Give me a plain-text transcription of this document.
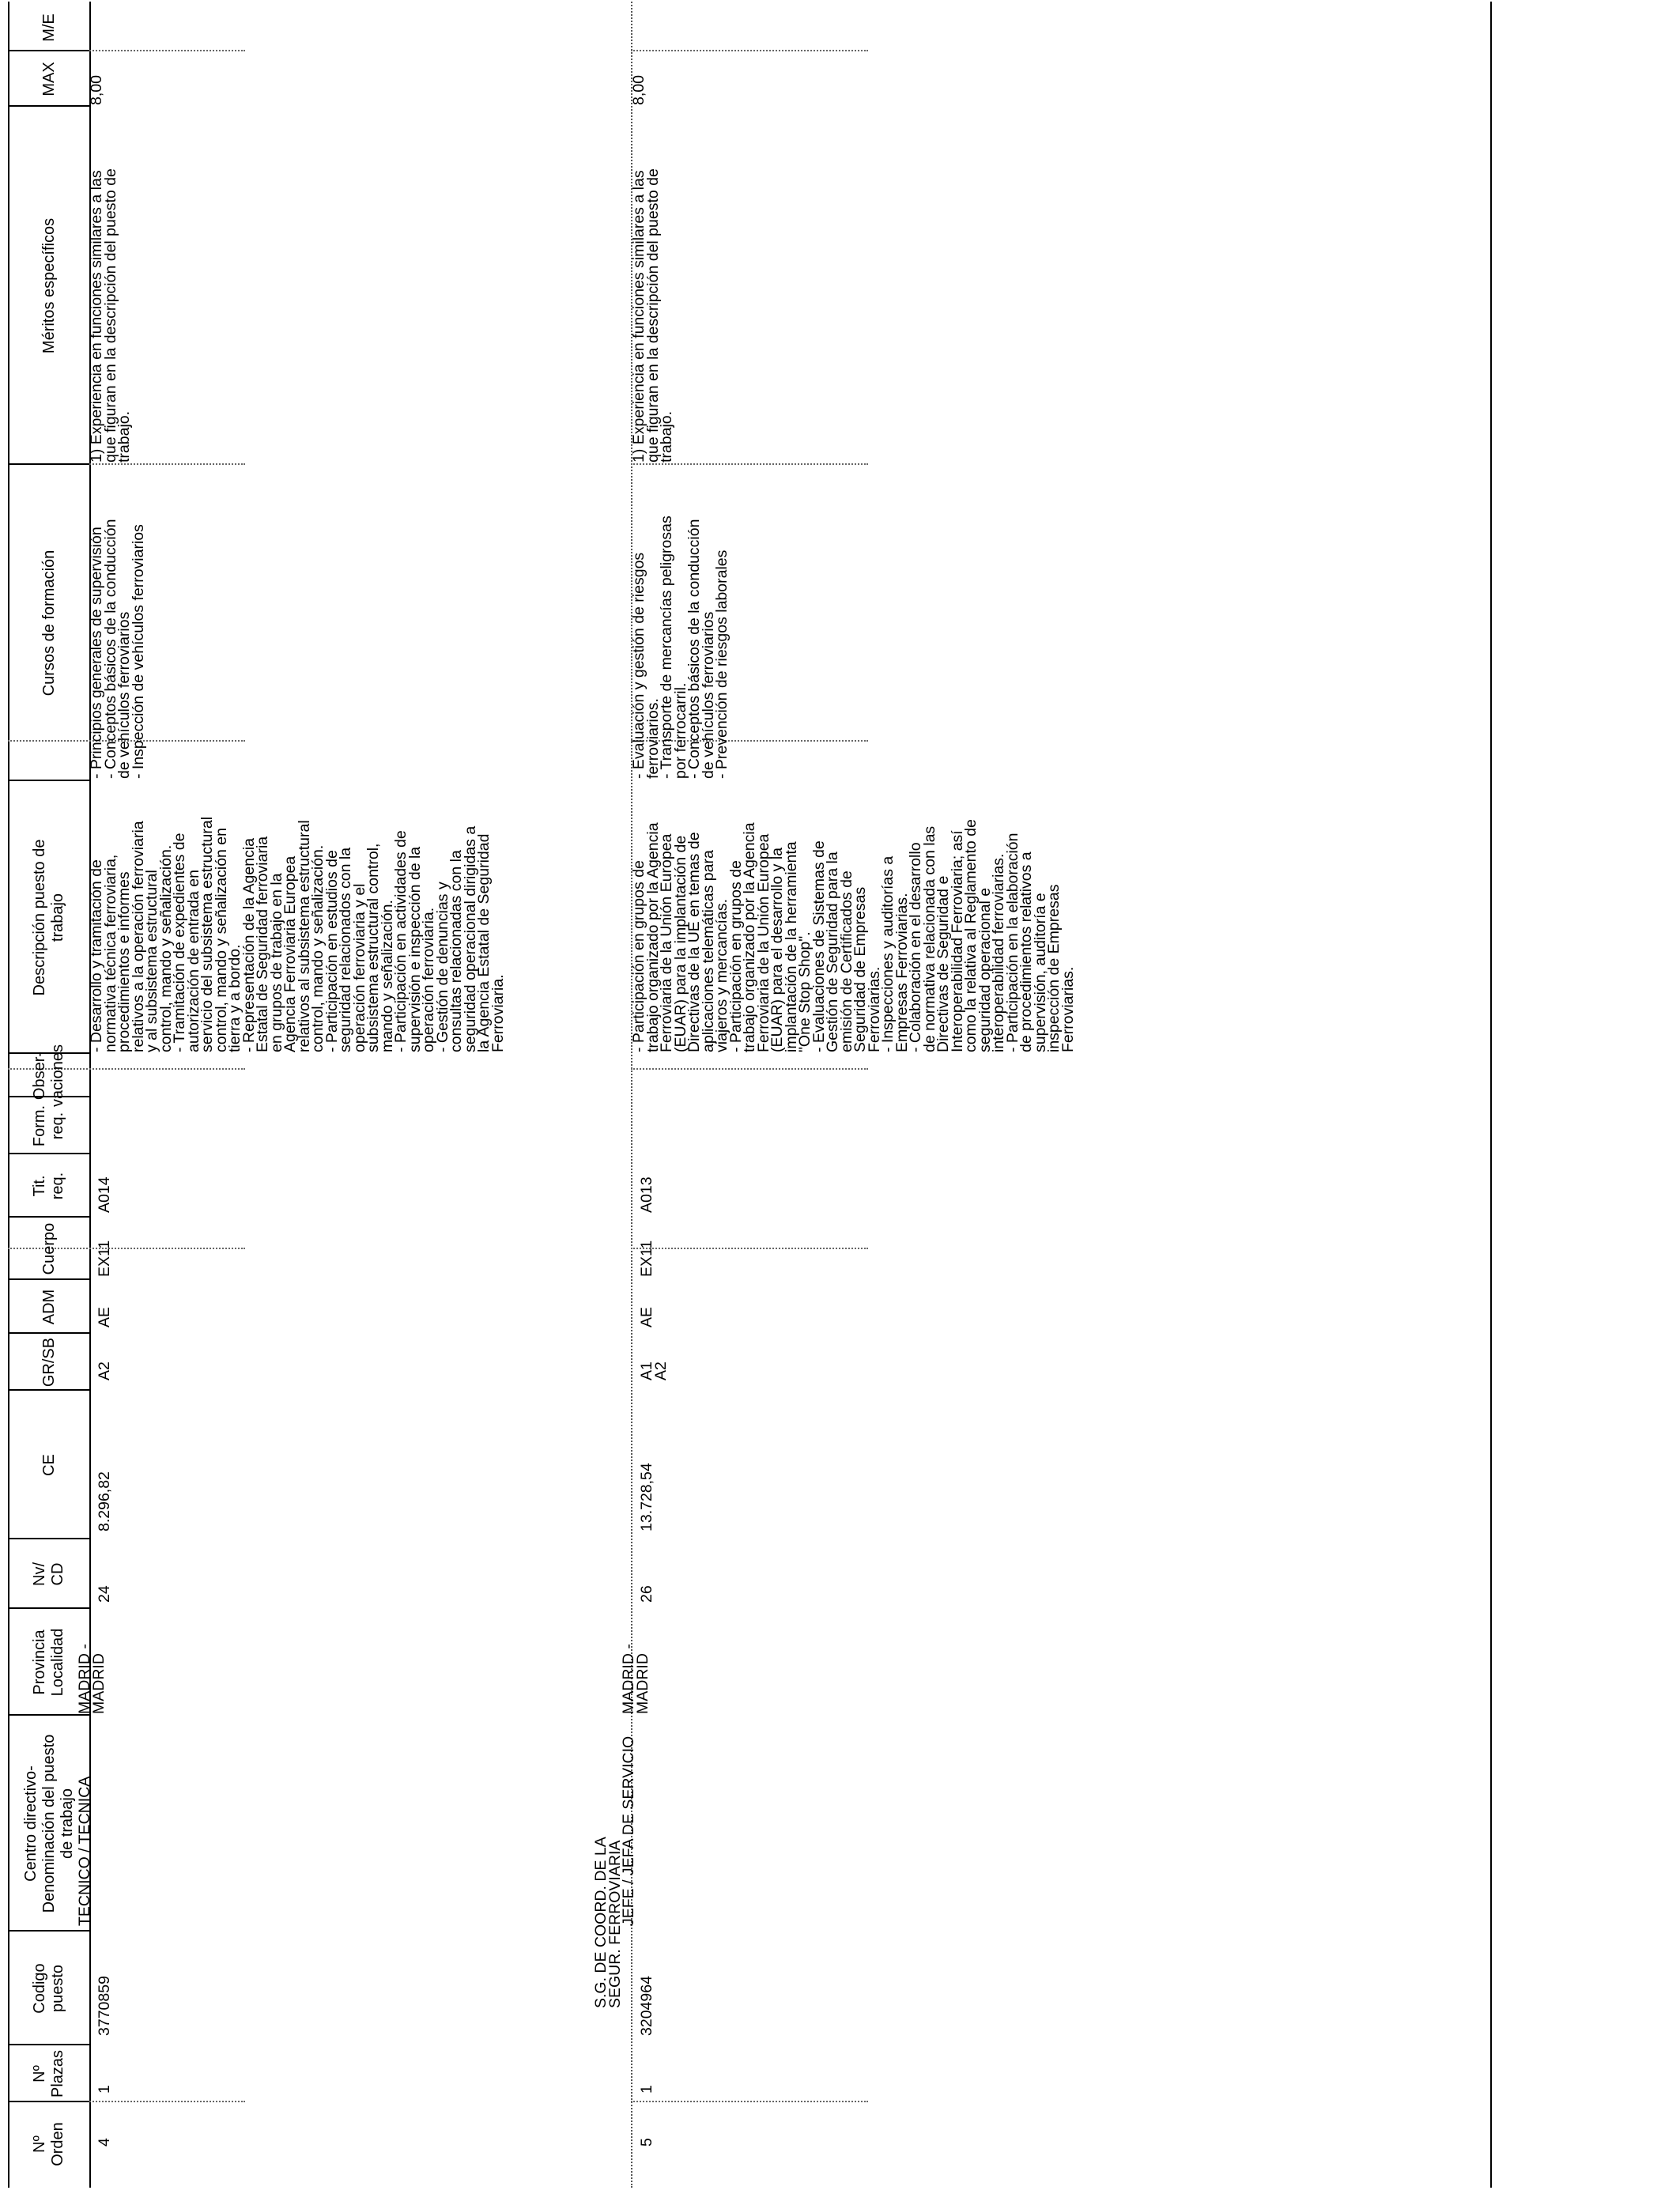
Nº
Orden
Nº
Plazas
Codigo
puesto
Centro directivo-
Denominación del puesto
de trabajo
Provincia
Localidad
Nv/
CD
CE
GR/SB
ADM
Cuerpo
Tit.
req.
Form.
req.
Obser-
vaciones
Descripción puesto de
trabajo
Cursos de formación
Méritos específicos
MAX
M/E
4
1
3770859
TECNICO / TECNICA
MADRID -
MADRID
24
8.296,82
A2
AE
EX11
A014
- Desarrollo y tramitación de
normativa técnica ferroviaria,
procedimientos e informes
relativos a la operación ferroviaria
y al subsistema estructural
control, mando y señalización.
- Tramitación de expedientes de
autorización de entrada en
servicio del subsistema estructural
control, mando y señalización en
tierra y a bordo.
- Representación de la Agencia
Estatal de Seguridad ferroviaria
en grupos de trabajo en la
Agencia Ferroviaria Europea
relativos al subsistema estructural
control, mando y señalización.
- Participación en estudios de
seguridad relacionados con la
operación ferroviaria y el
subsistema estructural control,
mando y señalización.
- Participación en actividades de
supervisión e inspección de la
operación ferroviaria.
- Gestión de denuncias y
consultas relacionadas con la
seguridad operacional dirigidas a
la Agencia Estatal de Seguridad
Ferroviaria.
- Principios generales de supervisión
- Conceptos básicos de la conducción
de vehículos ferroviarios
- Inspección de vehículos ferroviarios
1) Experiencia en funciones similares a las
que figuran en la descripción del puesto de
trabajo.
8,00
5
1
3204964
S.G. DE COORD. DE LA
SEGUR. FERROVIARIA
JEFE / JEFA DE SERVICIO
MADRID -
MADRID
26
13.728,54
A1
A2
AE
EX11
A013
- Participación en grupos de
trabajo organizado por la Agencia
Ferroviaria de la Unión Europea
(EUAR) para la implantación de
Directivas de la UE en temas de
aplicaciones telemáticas para
viajeros y mercancías.
- Participación en grupos de
trabajo organizado por la Agencia
Ferroviaria de la Unión Europea
(EUAR) para el desarrollo y la
implantación de la herramienta
"One Stop Shop".
- Evaluaciones de Sistemas de
Gestión de Seguridad para la
emisión de Certificados de
Seguridad de Empresas
Ferroviarias.
- Inspecciones y auditorías a
Empresas Ferroviarias.
- Colaboración en el desarrollo
de normativa relacionada con las
Directivas de Seguridad e
Interoperabilidad Ferroviaria; así
como la relativa al Reglamento de
seguridad operacional e
interoperabilidad ferroviarias.
- Participación en la elaboración
de procedimientos relativos a
supervisión, auditoría e
inspección de Empresas
Ferroviarias.
- Evaluación y gestión de riesgos
ferroviarios.
- Transporte de mercancías peligrosas
por ferrocarril.
- Conceptos básicos de la conducción
de vehículos ferroviarios
- Prevención de riesgos laborales
1) Experiencia en funciones similares a las
que figuran en la descripción del puesto de
trabajo.
8,00
